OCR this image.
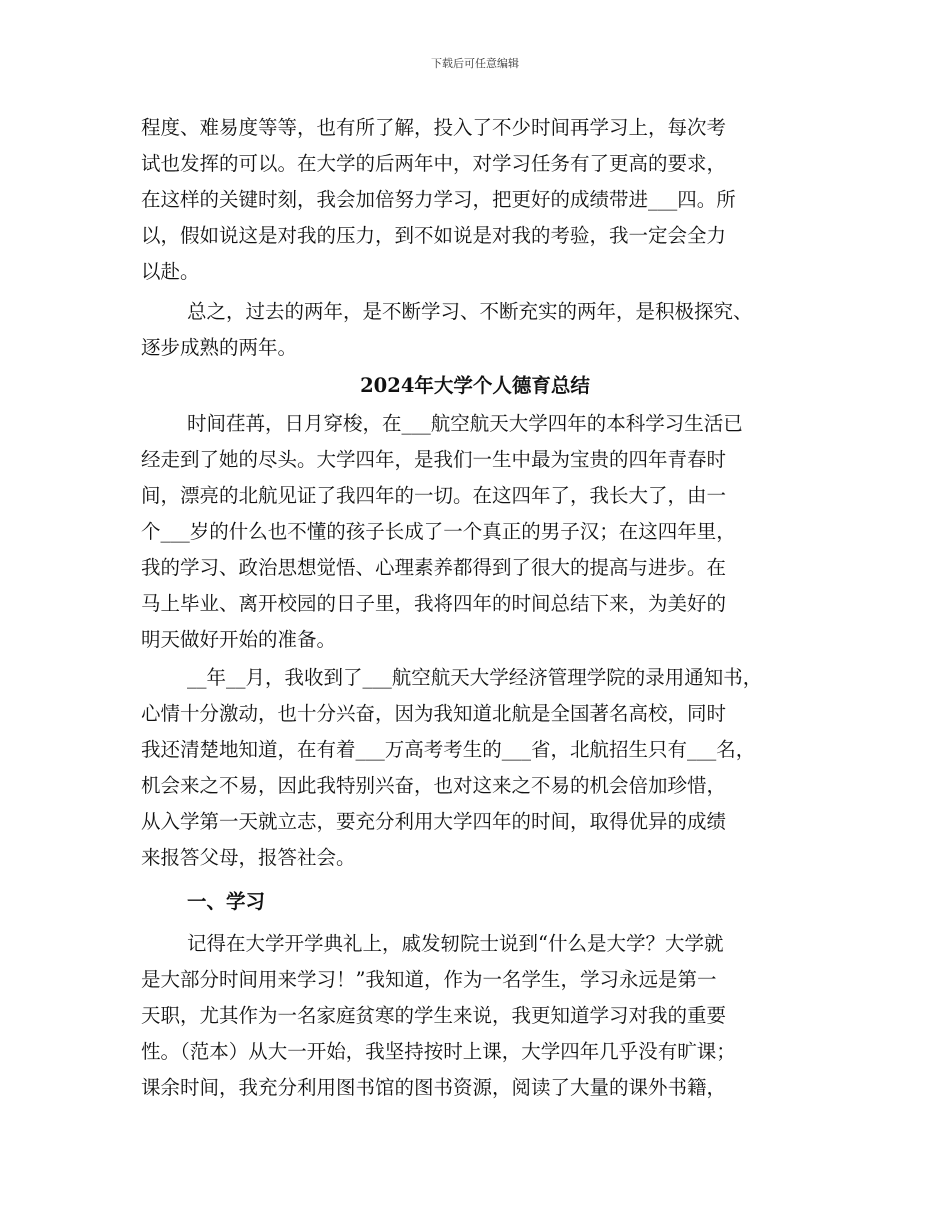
下载后可任意编辑
程度、难易度等等，也有所了解，投入了不少时间再学习上，每次考
试也发挥的可以。在大学的后两年中，对学习任务有了更高的要求，
在这样的关键时刻，我会加倍努力学习，把更好的成绩带进___四。所
以，假如说这是对我的压力，到不如说是对我的考验，我一定会全力
以赴。
总之，过去的两年，是不断学习、不断充实的两年，是积极探究、
逐步成熟的两年。
2024年大学个人德育总结
时间荏苒，日月穿梭，在___航空航天大学四年的本科学习生活已
经走到了她的尽头。大学四年，是我们一生中最为宝贵的四年青春时
间，漂亮的北航见证了我四年的一切。在这四年了，我长大了，由一
个___岁的什么也不懂的孩子长成了一个真正的男子汉；在这四年里，
我的学习、政治思想觉悟、心理素养都得到了很大的提高与进步。在
马上毕业、离开校园的日子里，我将四年的时间总结下来，为美好的
明天做好开始的准备。
__年__月，我收到了___航空航天大学经济管理学院的录用通知书，
心情十分激动，也十分兴奋，因为我知道北航是全国著名高校，同时
我还清楚地知道，在有着___万高考考生的___省，北航招生只有___名，
机会来之不易，因此我特别兴奋，也对这来之不易的机会倍加珍惜，
从入学第一天就立志，要充分利用大学四年的时间，取得优异的成绩
来报答父母，报答社会。
一、学习
记得在大学开学典礼上，戚发轫院士说到“什么是大学？大学就
是大部分时间用来学习！”我知道，作为一名学生，学习永远是第一
天职，尤其作为一名家庭贫寒的学生来说，我更知道学习对我的重要
性。（范本）从大一开始，我坚持按时上课，大学四年几乎没有旷课；
课余时间，我充分利用图书馆的图书资源，阅读了大量的课外书籍，
